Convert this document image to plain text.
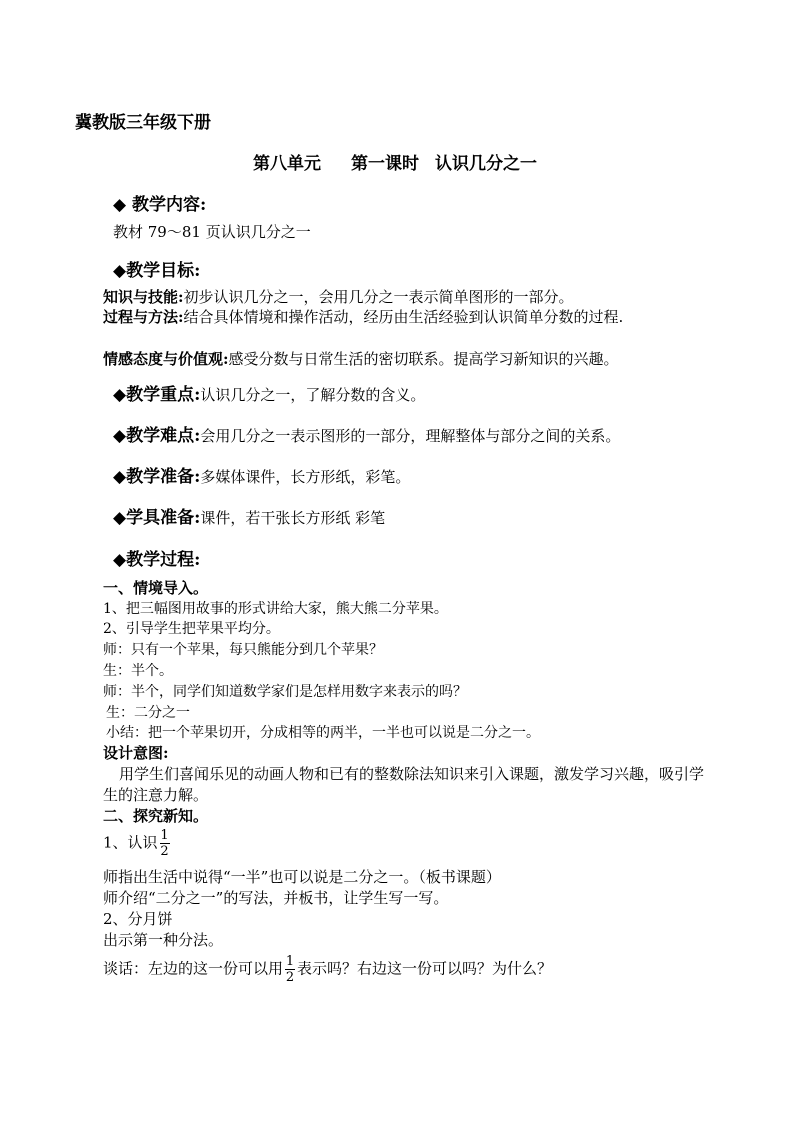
冀教版三年级下册
第八单元 第一课时 认识几分之一
◆ 教学内容:
教材 79～81 页认识几分之一
◆教学目标:
知识与技能:初步认识几分之一，会用几分之一表示简单图形的一部分。
过程与方法:结合具体情境和操作活动，经历由生活经验到认识简单分数的过程.
情感态度与价值观:感受分数与日常生活的密切联系。提高学习新知识的兴趣。
◆教学重点:认识几分之一，了解分数的含义。
◆教学难点:会用几分之一表示图形的一部分，理解整体与部分之间的关系。
◆教学准备:多媒体课件，长方形纸，彩笔。
◆学具准备:课件，若干张长方形纸 彩笔
◆教学过程:
一、情境导入。
1、把三幅图用故事的形式讲给大家，熊大熊二分苹果。
2、引导学生把苹果平均分。
师：只有一个苹果，每只熊能分到几个苹果？
生：半个。
师：半个，同学们知道数学家们是怎样用数字来表示的吗？
生：二分之一
小结：把一个苹果切开，分成相等的两半，一半也可以说是二分之一。
设计意图:
用学生们喜闻乐见的动画人物和已有的整数除法知识来引入课题，激发学习兴趣，吸引学
生的注意力解。
二、探究新知。
1、认识 $\frac{1}{2}$
师指出生活中说得“一半”也可以说是二分之一。（板书课题）
师介绍“二分之一”的写法，并板书，让学生写一写。
2、分月饼
出示第一种分法。
谈话：左边的这一份可以用 $\frac{1}{2}$ 表示吗？右边这一份可以吗？为什么？
